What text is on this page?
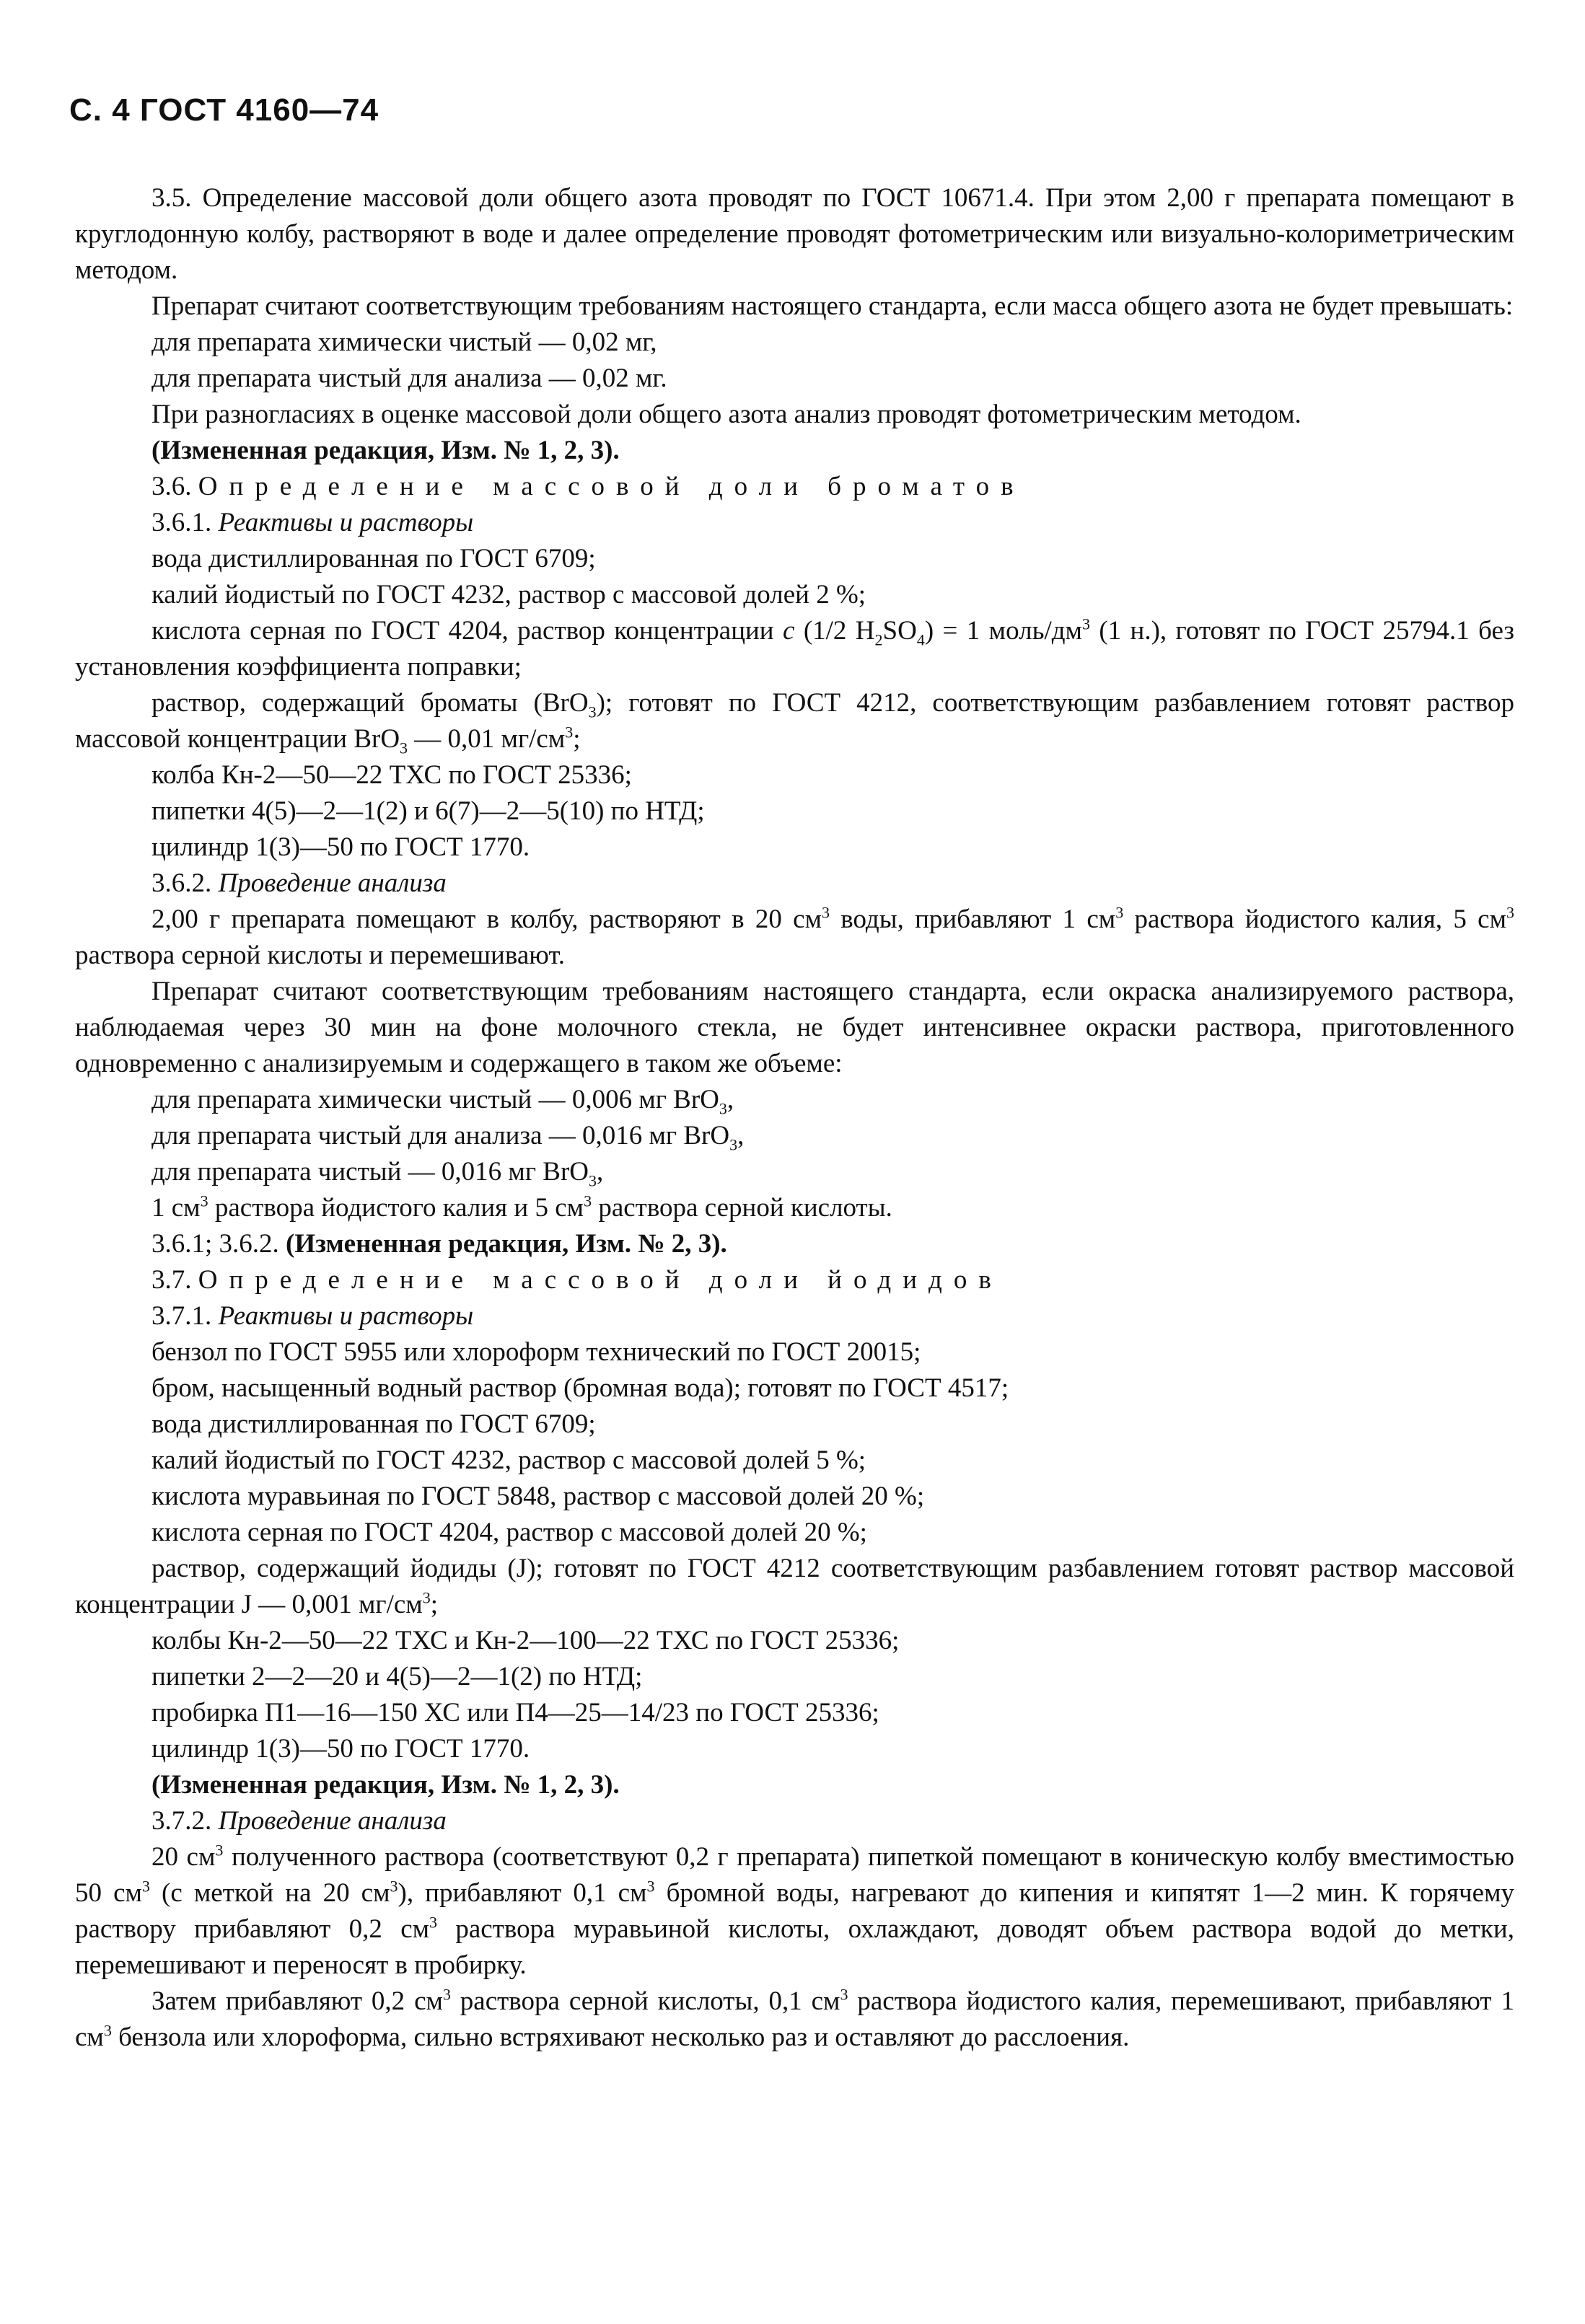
С. 4 ГОСТ 4160—74
3.5. Определение массовой доли общего азота проводят по ГОСТ 10671.4. При этом 2,00 г препарата помещают в круглодонную колбу, растворяют в воде и далее определение проводят фотометрическим или визуально-колориметрическим методом.
Препарат считают соответствующим требованиям настоящего стандарта, если масса общего азота не будет превышать:
для препарата химически чистый — 0,02 мг,
для препарата чистый для анализа — 0,02 мг.
При разногласиях в оценке массовой доли общего азота анализ проводят фотометрическим методом.
(Измененная редакция, Изм. № 1, 2, 3).
3.6. Определение массовой доли броматов
3.6.1. Реактивы и растворы
вода дистиллированная по ГОСТ 6709;
калий йодистый по ГОСТ 4232, раствор с массовой долей 2 %;
кислота серная по ГОСТ 4204, раствор концентрации с (1/2 $H_2SO_4) = 1$ моль/$дм^3$ (1 н.), готовят по ГОСТ 25794.1 без установления коэффициента поправки;
раствор, содержащий броматы (BrO$_3$); готовят по ГОСТ 4212, соответствующим разбавлением готовят раствор массовой концентрации BrO$_3$ — 0,01 $мг/см^3$;
колба Кн-2—50—22 ТХС по ГОСТ 25336;
пипетки 4(5)—2—1(2) и 6(7)—2—5(10) по НТД;
цилиндр 1(3)—50 по ГОСТ 1770.
3.6.2. Проведение анализа
2,00 г препарата помещают в колбу, растворяют в 20 $см^3$ воды, прибавляют 1 $см^3$ раствора йодистого калия, 5 $см^3$ раствора серной кислоты и перемешивают.
Препарат считают соответствующим требованиям настоящего стандарта, если окраска анализируемого раствора, наблюдаемая через 30 мин на фоне молочного стекла, не будет интенсивнее окраски раствора, приготовленного одновременно с анализируемым и содержащего в таком же объеме:
для препарата химически чистый — 0,006 мг BrO$_3$,
для препарата чистый для анализа — 0,016 мг BrO$_3$,
для препарата чистый — 0,016 мг BrO$_3$,
1 $см^3$ раствора йодистого калия и 5 $см^3$ раствора серной кислоты.
3.6.1; 3.6.2. (Измененная редакция, Изм. № 2, 3).
3.7. Определение массовой доли йодидов
3.7.1. Реактивы и растворы
бензол по ГОСТ 5955 или хлороформ технический по ГОСТ 20015;
бром, насыщенный водный раствор (бромная вода); готовят по ГОСТ 4517;
вода дистиллированная по ГОСТ 6709;
калий йодистый по ГОСТ 4232, раствор с массовой долей 5 %;
кислота муравьиная по ГОСТ 5848, раствор с массовой долей 20 %;
кислота серная по ГОСТ 4204, раствор с массовой долей 20 %;
раствор, содержащий йодиды (J); готовят по ГОСТ 4212 соответствующим разбавлением готовят раствор массовой концентрации J — 0,001 $мг/см^3$;
колбы Кн-2—50—22 ТХС и Кн-2—100—22 ТХС по ГОСТ 25336;
пипетки 2—2—20 и 4(5)—2—1(2) по НТД;
пробирка П1—16—150 ХС или П4—25—14/23 по ГОСТ 25336;
цилиндр 1(3)—50 по ГОСТ 1770.
(Измененная редакция, Изм. № 1, 2, 3).
3.7.2. Проведение анализа
20 $см^3$ полученного раствора (соответствуют 0,2 г препарата) пипеткой помещают в коническую колбу вместимостью 50 $см^3$ (с меткой на 20 $см^3$), прибавляют 0,1 $см^3$ бромной воды, нагревают до кипения и кипятят 1—2 мин. К горячему раствору прибавляют 0,2 $см^3$ раствора муравьиной кислоты, охлаждают, доводят объем раствора водой до метки, перемешивают и переносят в пробирку.
Затем прибавляют 0,2 $см^3$ раствора серной кислоты, 0,1 $см^3$ раствора йодистого калия, перемешивают, прибавляют 1 $см^3$ бензола или хлороформа, сильно встряхивают несколько раз и оставляют до расслоения.
